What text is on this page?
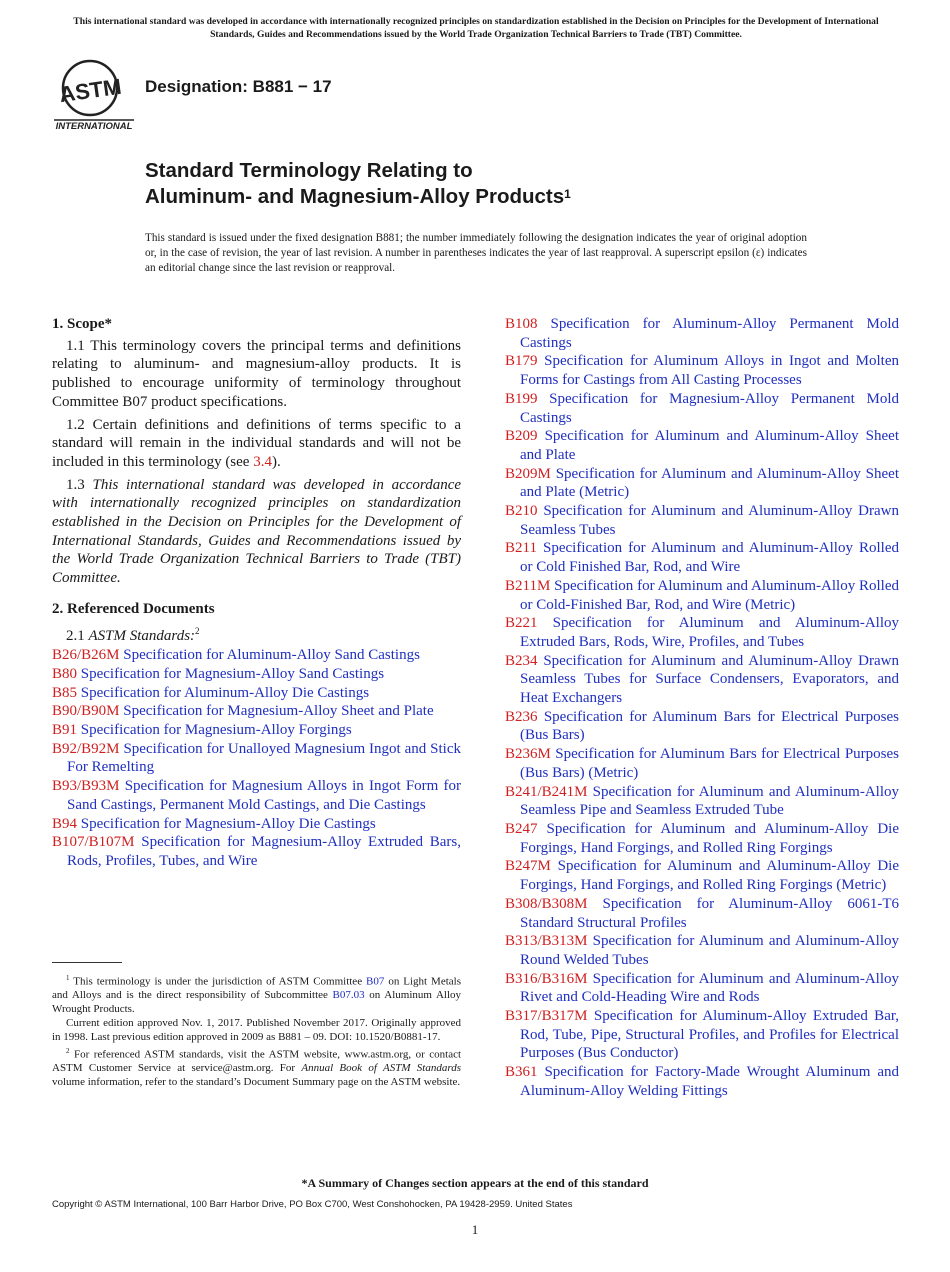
This international standard was developed in accordance with internationally recognized principles on standardization established in the Decision on Principles for the Development of International Standards, Guides and Recommendations issued by the World Trade Organization Technical Barriers to Trade (TBT) Committee.
ASTM
INTERNATIONAL
Designation: B881 − 17
Standard Terminology Relating to
Aluminum- and Magnesium-Alloy Products$^1$
This standard is issued under the fixed designation B881; the number immediately following the designation indicates the year of original adoption or, in the case of revision, the year of last revision. A number in parentheses indicates the year of last reapproval. A superscript epsilon (ε) indicates an editorial change since the last revision or reapproval.
1. Scope*

1.1 This terminology covers the principal terms and definitions relating to aluminum- and magnesium-alloy products. It is published to encourage uniformity of terminology throughout Committee B07 product specifications.

1.2 Certain definitions and definitions of terms specific to a standard will remain in the individual standards and will not be included in this terminology (see 3.4).

1.3 This international standard was developed in accordance with internationally recognized principles on standardization established in the Decision on Principles for the Development of International Standards, Guides and Recommendations issued by the World Trade Organization Technical Barriers to Trade (TBT) Committee.

2. Referenced Documents
2.1 ASTM Standards:$^2$

B26/B26M Specification for Aluminum-Alloy Sand Castings

B80 Specification for Magnesium-Alloy Sand Castings

B85 Specification for Aluminum-Alloy Die Castings

B90/B90M Specification for Magnesium-Alloy Sheet and Plate

B91 Specification for Magnesium-Alloy Forgings

B92/B92M Specification for Unalloyed Magnesium Ingot and Stick For Remelting

B93/B93M Specification for Magnesium Alloys in Ingot Form for Sand Castings, Permanent Mold Castings, and Die Castings

B94 Specification for Magnesium-Alloy Die Castings

B107/B107M Specification for Magnesium-Alloy Extruded Bars, Rods, Profiles, Tubes, and Wire

B108 Specification for Aluminum-Alloy Permanent Mold Castings

B179 Specification for Aluminum Alloys in Ingot and Molten Forms for Castings from All Casting Processes

B199 Specification for Magnesium-Alloy Permanent Mold Castings

B209 Specification for Aluminum and Aluminum-Alloy Sheet and Plate

B209M Specification for Aluminum and Aluminum-Alloy Sheet and Plate (Metric)

B210 Specification for Aluminum and Aluminum-Alloy Drawn Seamless Tubes

B211 Specification for Aluminum and Aluminum-Alloy Rolled or Cold Finished Bar, Rod, and Wire

B211M Specification for Aluminum and Aluminum-Alloy Rolled or Cold-Finished Bar, Rod, and Wire (Metric)

B221 Specification for Aluminum and Aluminum-Alloy Extruded Bars, Rods, Wire, Profiles, and Tubes

B234 Specification for Aluminum and Aluminum-Alloy Drawn Seamless Tubes for Surface Condensers, Evaporators, and Heat Exchangers

B236 Specification for Aluminum Bars for Electrical Purposes (Bus Bars)

B236M Specification for Aluminum Bars for Electrical Purposes (Bus Bars) (Metric)

B241/B241M Specification for Aluminum and Aluminum-Alloy Seamless Pipe and Seamless Extruded Tube

B247 Specification for Aluminum and Aluminum-Alloy Die Forgings, Hand Forgings, and Rolled Ring Forgings

B247M Specification for Aluminum and Aluminum-Alloy Die Forgings, Hand Forgings, and Rolled Ring Forgings (Metric)

B308/B308M Specification for Aluminum-Alloy 6061-T6 Standard Structural Profiles

B313/B313M Specification for Aluminum and Aluminum-Alloy Round Welded Tubes

B316/B316M Specification for Aluminum and Aluminum-Alloy Rivet and Cold-Heading Wire and Rods

B317/B317M Specification for Aluminum-Alloy Extruded Bar, Rod, Tube, Pipe, Structural Profiles, and Profiles for Electrical Purposes (Bus Conductor)

B361 Specification for Factory-Made Wrought Aluminum and Aluminum-Alloy Welding Fittings

$^1$ This terminology is under the jurisdiction of ASTM Committee B07 on Light Metals and Alloys and is the direct responsibility of Subcommittee B07.03 on Aluminum Alloy Wrought Products.

Current edition approved Nov. 1, 2017. Published November 2017. Originally approved in 1998. Last previous edition approved in 2009 as B881 – 09. DOI: 10.1520/B0881-17.

$^2$ For referenced ASTM standards, visit the ASTM website, www.astm.org, or contact ASTM Customer Service at service@astm.org. For Annual Book of ASTM Standards volume information, refer to the standard’s Document Summary page on the ASTM website.

*A Summary of Changes section appears at the end of this standard
Copyright © ASTM International, 100 Barr Harbor Drive, PO Box C700, West Conshohocken, PA 19428-2959. United States
1
